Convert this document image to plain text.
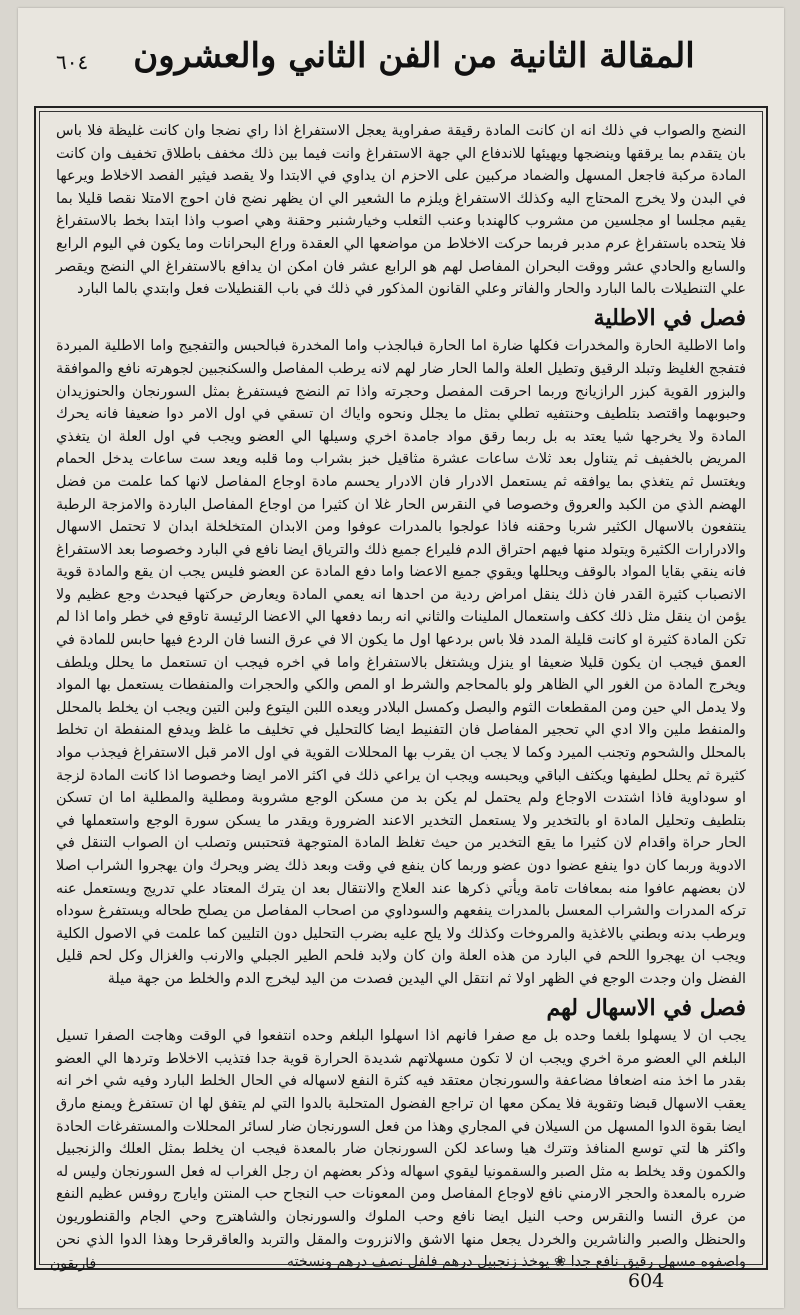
٦٠٤	المقالة الثانية من الفن الثاني والعشرون

النضج والصواب في ذلك انه ان كانت المادة رقيقة صفراوية يعجل الاستفراغ اذا راي نضجا وان كانت غليظة فلا باس بان يتقدم بما يرققها وينضجها ويهيئها للاندفاع الي جهة الاستفراغ وانت فيما بين ذلك مخفف باطلاق تخفيف وان كانت المادة مركبة فاجعل المسهل والضماد مركبين على الاحزم ان يداوي في الابتدا ولا يقصد فيثير الفصد الاخلاط ويرعها في البدن ولا يخرج المحتاج اليه وكذلك الاستفراغ ويلزم ما الشعير الي ان يظهر نضج فان احوج الامتلا نقصا قليلا بما يقيم مجلسا او مجلسين من مشروب كالهندبا وعنب الثعلب وخيارشنبر وحقنة وهي اصوب واذا ابتدا بخط بالاستفراغ فلا يتحده باستفراغ عرم مدبر فربما حركت الاخلاط من مواضعها الي العقدة وراع البحرانات وما يكون في اليوم الرابع والسابع والحادي عشر ووقت البحران المفاصل لهم هو الرابع عشر فان امكن ان يدافع بالاستفراغ الي النضج ويقصر علي التنطيلات بالما البارد والحار والفاتر وعلي القانون المذكور في ذلك في باب القنطيلات فعل وابتدي بالما البارد

فصل في الاطلية

واما الاطلية الحارة والمخدرات فكلها ضارة اما الحارة فبالجذب واما المخدرة فبالحبس والتفجيج واما الاطلية المبردة فتفجج الغليظ وتبلد الرقيق وتطيل العلة والما الحار ضار لهم لانه يرطب المفاصل والسكنجبين لجوهرته نافع والموافقة والبزور القوية كبزر الرازيانج وربما احرقت المفصل وحجرته واذا تم النضج فيستفرغ بمثل السورنجان والحنوزيدان وحبوبهما واقتصد بتلطيف وحنتفيه تطلي بمثل ما يجلل ونحوه واياك ان تسقي في اول الامر دوا ضعيفا فانه يحرك المادة ولا يخرجها شيا يعتد به بل ربما رقق مواد جامدة اخري وسيلها الي العضو ويجب في اول العلة ان يتغذي المريض بالخفيف ثم يتناول بعد ثلاث ساعات عشرة مثاقيل خبز بشراب وما قلبه ويعد ست ساعات يدخل الحمام ويغتسل ثم يتغذي بما يوافقه ثم يستعمل الادرار فان الادرار يحسم مادة اوجاع المفاصل لانها كما علمت من فضل الهضم الذي من الكبد والعروق وخصوصا في النقرس الحار غلا ان كثيرا من اوجاع المفاصل الباردة والامزجة الرطبة ينتفعون بالاسهال الكثير شربا وحقنه فاذا عولجوا بالمدرات عوفوا ومن الابدان المتخلخلة ابدان لا تحتمل الاسهال والادرارات الكثيرة ويتولد منها فيهم احتراق الدم فليراع جميع ذلك والترياق ايضا نافع في البارد وخصوصا بعد الاستفراغ فانه ينقي بقايا المواد بالوقف ويحللها ويقوي جميع الاعضا واما دفع المادة عن العضو فليس يجب ان يقع والمادة قوية الانصباب كثيرة القدر فان ذلك ينقل امراض ردية من احدها انه يعمي المادة ويعارض حركتها فيحدث وجع عظيم ولا يؤمن ان ينقل مثل ذلك ككف واستعمال الملينات والثاني انه ربما دفعها الي الاعضا الرئيسة تاوقع في خطر واما اذا لم تكن المادة كثيرة او كانت قليلة المدد فلا باس بردعها اول ما يكون الا في عرق النسا فان الردع فيها حابس للمادة في العمق فيجب ان يكون قليلا ضعيفا او ينزل ويشتغل بالاستفراغ واما في اخره فيجب ان تستعمل ما يحلل ويلطف ويخرج المادة من الغور الي الظاهر ولو بالمحاجم والشرط او المص والكي والحجرات والمنفطات يستعمل بها المواد ولا يدمل الي حين ومن المقطعات الثوم والبصل وكمسل البلادر ويعده اللبن اليتوع ولبن التين ويجب ان يخلط بالمحلل والمنفط ملين والا ادي الي تحجير المفاصل فان التفنيط ايضا كالتحليل في تخليف ما غلظ ويدفع المنفطة ان تخلط بالمحلل والشحوم وتجنب الميرد وكما لا يجب ان يقرب بها المحللات القوية في اول الامر قبل الاستفراغ فيجذب مواد كثيرة ثم يحلل لطيفها ويكثف الباقي ويحبسه ويجب ان يراعي ذلك في اكثر الامر ايضا وخصوصا اذا كانت المادة لزجة او سوداوية فاذا اشتدت الاوجاع ولم يحتمل لم يكن بد من مسكن الوجع مشروبة ومطلية والمطلية اما ان تسكن بتلطيف وتحليل المادة او بالتخدير ولا يستعمل التخدير الاعند الضرورة ويقدر ما يسكن سورة الوجع واستعملها في الحار حراة واقدام لان كثيرا ما يقع التخدير من حيث تغلظ المادة المتوجهة فتحتبس وتصلب ان الصواب التنقل في الادوية وربما كان دوا ينفع عضوا دون عضو وربما كان ينفع في وقت وبعد ذلك يضر ويحرك وان يهجروا الشراب اصلا لان بعضهم عافوا منه بمعافات تامة ويأتي ذكرها عند العلاج والانتقال بعد ان يترك المعتاد علي تدريج ويستعمل عنه تركه المدرات والشراب المعسل بالمدرات ينفعهم والسوداوي من اصحاب المفاصل من يصلح طحاله ويستفرغ سوداه ويرطب بدنه وبطني بالاغذية والمروخات وكذلك ولا يلح عليه بضرب التحليل دون التليين كما علمت في الاصول الكلية ويجب ان يهجروا اللحم في البارد من هذه العلة وان كان ولابد فلحم الطير الجبلي والارنب والغزال وكل لحم قليل الفضل وان وجدت الوجع في الظهر اولا ثم انتقل الي اليدين فصدت من اليد ليخرج الدم والخلط من جهة ميلة

فصل في الاسهال لهم

يجب ان لا يسهلوا بلغما وحده بل مع صفرا فانهم اذا اسهلوا البلغم وحده انتفعوا في الوقت وهاجت الصفرا تسيل البلغم الي العضو مرة اخري ويجب ان لا تكون مسهلاتهم شديدة الحرارة قوية جدا فتذيب الاخلاط وتردها الي العضو بقدر ما اخذ منه اضعافا مضاعفة والسورنجان معتقد فيه كثرة النفع لاسهاله في الحال الخلط البارد وفيه شي اخر انه يعقب الاسهال قبضا وتقوية فلا يمكن معها ان تراجع الفضول المتحلبة بالدوا التي لم يتفق لها ان تستفرغ ويمنع مارق ايضا بقوة الدوا المسهل من السيلان في المجاري وهذا من فعل السورنجان ضار لسائر المحللات والمستفرغات الحادة واكثر ها لتي توسع المنافذ وتترك هيا وساعد لكن السورنجان ضار بالمعدة فيجب ان يخلط بمثل العلك والزنجبيل والكمون وقد يخلط به مثل الصبر والسقمونيا ليقوي اسهاله وذكر بعضهم ان رجل الغراب له فعل السورنجان وليس له ضرره بالمعدة والحجر الارمني نافع لاوجاع المفاصل ومن المعونات حب النجاح حب المنتن وايارج روفس عظيم النفع من عرق النسا والنقرس وحب النيل ايضا نافع وحب الملوك والسورنجان والشاهترج وحي الجام والقنطوريون والحنظل والصبر والناشرين والخردل يجعل منها الاشق والانزروت والمقل والتربد والعاقرقرحا وهذا الدوا الذي نحن واصفوه مسهل رقيق نافع جدا ❀ يوخذ زنجبيل درهم فلفل نصف درهم ونسخته

فاريقون
604
